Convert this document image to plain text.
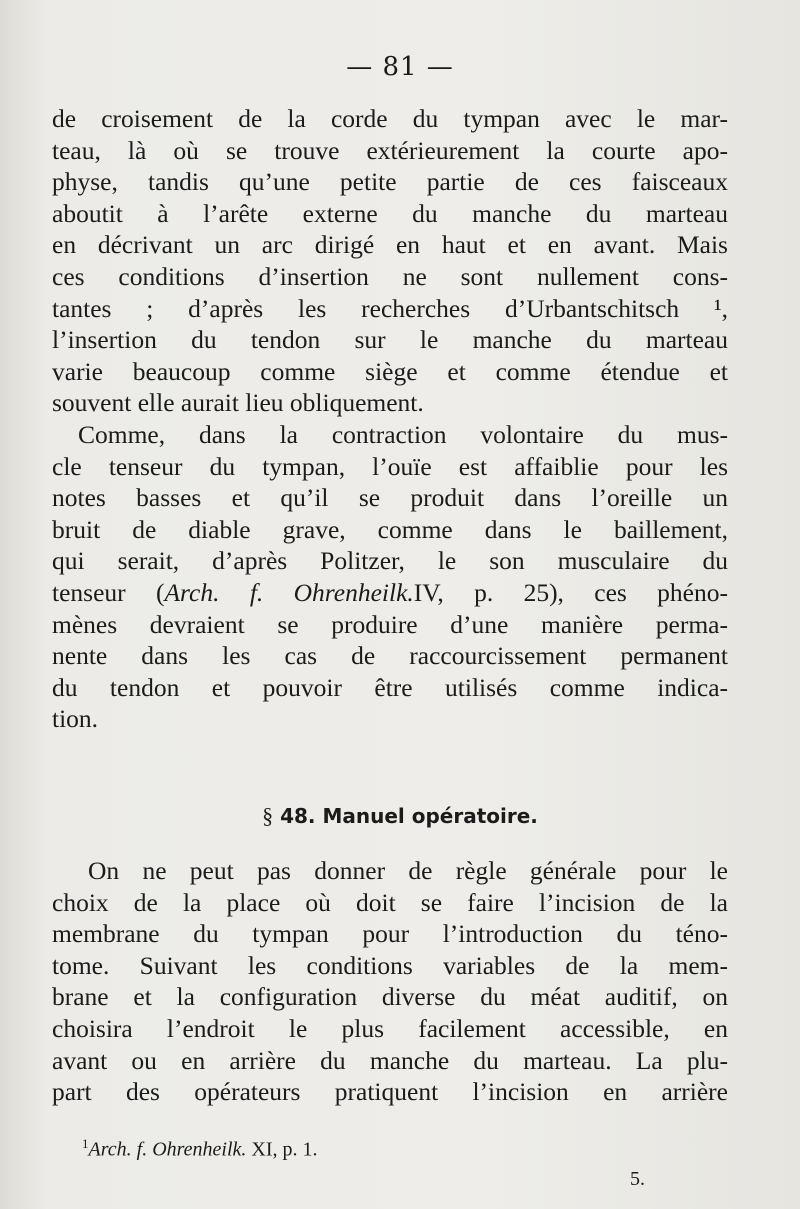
— 81 —
de croisement de la corde du tympan avec le mar-
teau, là où se trouve extérieurement la courte apo-
physe, tandis qu’une petite partie de ces faisceaux
aboutit à l’arête externe du manche du marteau
en décrivant un arc dirigé en haut et en avant. Mais
ces conditions d’insertion ne sont nullement cons-
tantes ; d’après les recherches d’Urbantschitsch ¹,
l’insertion du tendon sur le manche du marteau
varie beaucoup comme siège et comme étendue et
souvent elle aurait lieu obliquement.
Comme, dans la contraction volontaire du mus-
cle tenseur du tympan, l’ouïe est affaiblie pour les
notes basses et qu’il se produit dans l’oreille un
bruit de diable grave, comme dans le baillement,
qui serait, d’après Politzer, le son musculaire du
tenseur (Arch. f. Ohrenheilk.IV, p. 25), ces phéno-
mènes devraient se produire d’une manière perma-
nente dans les cas de raccourcissement permanent
du tendon et pouvoir être utilisés comme indica-
tion.
§ 48. Manuel opératoire.
On ne peut pas donner de règle générale pour le
choix de la place où doit se faire l’incision de la
membrane du tympan pour l’introduction du téno-
tome. Suivant les conditions variables de la mem-
brane et la configuration diverse du méat auditif, on
choisira l’endroit le plus facilement accessible, en
avant ou en arrière du manche du marteau. La plu-
part des opérateurs pratiquent l’incision en arrière
$^1$Arch. f. Ohrenheilk. XI, p. 1.
5.
